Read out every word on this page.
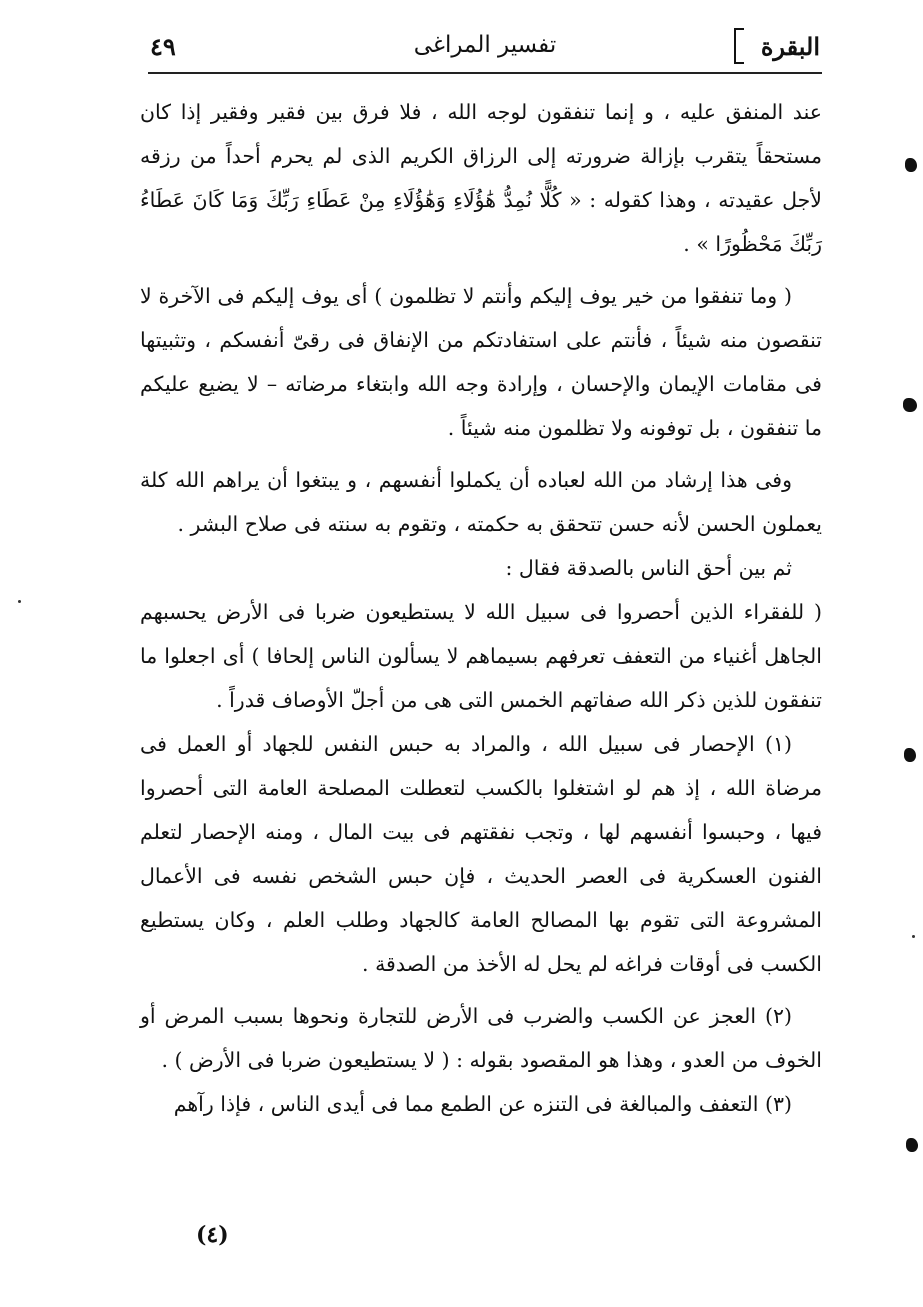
البقرة
تفسير المراغى
٤٩

عند المنفق عليه ، و إنما تنفقون لوجه الله ، فلا فرق بين فقير وفقير إذا كان مستحقاً يتقرب بإزالة ضرورته إلى الرزاق الكريم الذى لم يحرم أحداً من رزقه لأجل عقيدته ، وهذا كقوله : « كُلًّا نُمِدُّ هَٰؤُلَاءِ وَهَٰؤُلَاءِ مِنْ عَطَاءِ رَبِّكَ وَمَا كَانَ عَطَاءُ رَبِّكَ مَحْظُورًا » .

( وما تنفقوا من خير يوف إليكم وأنتم لا تظلمون ) أى يوف إليكم فى الآخرة لا تنقصون منه شيئاً ، فأنتم على استفادتكم من الإنفاق فى رقىّ أنفسكم ، وتثبيتها فى مقامات الإيمان والإحسان ، وإرادة وجه الله وابتغاء مرضاته – لا يضيع عليكم ما تنفقون ، بل توفونه ولا تظلمون منه شيئاً .

وفى هذا إرشاد من الله لعباده أن يكملوا أنفسهم ، و يبتغوا أن يراهم الله كلة يعملون الحسن لأنه حسن تتحقق به حكمته ، وتقوم به سنته فى صلاح البشر .

ثم بين أحق الناس بالصدقة فقال :

( للفقراء الذين أحصروا فى سبيل الله لا يستطيعون ضربا فى الأرض يحسبهم الجاهل أغنياء من التعفف تعرفهم بسيماهم لا يسألون الناس إلحافا ) أى اجعلوا ما تنفقون للذين ذكر الله صفاتهم الخمس التى هى من أجلّ الأوصاف قدراً .

(١) الإحصار فى سبيل الله ، والمراد به حبس النفس للجهاد أو العمل فى مرضاة الله ، إذ هم لو اشتغلوا بالكسب لتعطلت المصلحة العامة التى أحصروا فيها ، وحبسوا أنفسهم لها ، وتجب نفقتهم فى بيت المال ، ومنه الإحصار لتعلم الفنون العسكرية فى العصر الحديث ، فإن حبس الشخص نفسه فى الأعمال المشروعة التى تقوم بها المصالح العامة كالجهاد وطلب العلم ، وكان يستطيع الكسب فى أوقات فراغه لم يحل له الأخذ من الصدقة .

(٢) العجز عن الكسب والضرب فى الأرض للتجارة ونحوها بسبب المرض أو الخوف من العدو ، وهذا هو المقصود بقوله : ( لا يستطيعون ضربا فى الأرض ) .

(٣) التعفف والمبالغة فى التنزه عن الطمع مما فى أيدى الناس ، فإذا رآهم

(٤)
